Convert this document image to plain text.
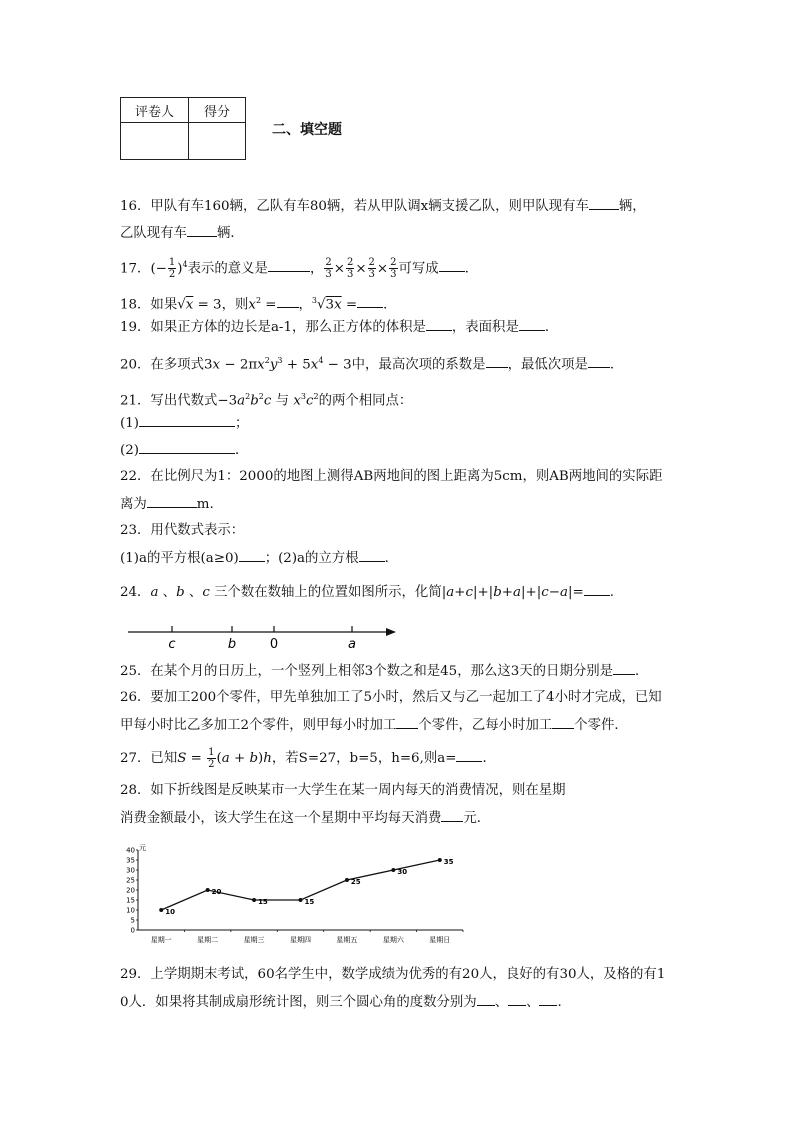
评卷人	得分

二、填空题
16．甲队有车160辆，乙队有车80辆，若从甲队调x辆支援乙队，则甲队现有车 辆，
乙队现有车 辆．
17．(− $\frac{1}{2} )^4$表示的意义是	， $\frac{2}{3} \times \frac{2}{3} \times \frac{2}{3} \times \frac{2}{3}$ 可写成 ．
18．如果√x = 3，则$x^2$ = ，$^3$√3x = ．
19．如果正方体的边长是a-1，那么正方体的体积是 ，表面积是 ．
20．在多项式$3x - 2\pi x^2y^3 + 5x^4 - 3$中，最高次项的系数是 ，最低次项是 ．
21．写出代数式$-3a^2b^2c$ 与 $x^3c^2$的两个相同点：
(1)	；
(2)	．
22．在比例尺为1：2000的地图上测得AB两地间的图上距离为5cm，则AB两地间的实际距
离为	m.
23．用代数式表示：
(1)a的平方根(a≥0) ；(2)a的立方根 ．
24．a 、b 、c 三个数在数轴上的位置如图所示，化简|a+c|+|b+a|+|c−a|= .
c	b	0	a
25．在某个月的日历上，一个竖列上相邻3个数之和是45，那么这3天的日期分别是 ．
26．要加工200个零件，甲先单独加工了5小时，然后又与乙一起加工了4小时才完成，已知
甲每小时比乙多加工2个零件，则甲每小时加工 个零件，乙每小时加工 个零件．
27．已知$S = \frac{1}{2} (a + b)h$，若S=27，b=5，h=6,则a= ．
28．如下折线图是反映某市一大学生在某一周内每天的消费情况，则在星期
消费金额最小，该大学生在这一个星期中平均每天消费 元．
元
0
5
10
15
20
25
30
35
40
星期一	星期二	星期三	星期四	星期五	星期六	星期日
10
20
15	15
25
30
35
29．上学期期末考试，60名学生中，数学成绩为优秀的有20人，良好的有30人，及格的有1
0人．如果将其制成扇形统计图，则三个圆心角的度数分别为 、 、 .
